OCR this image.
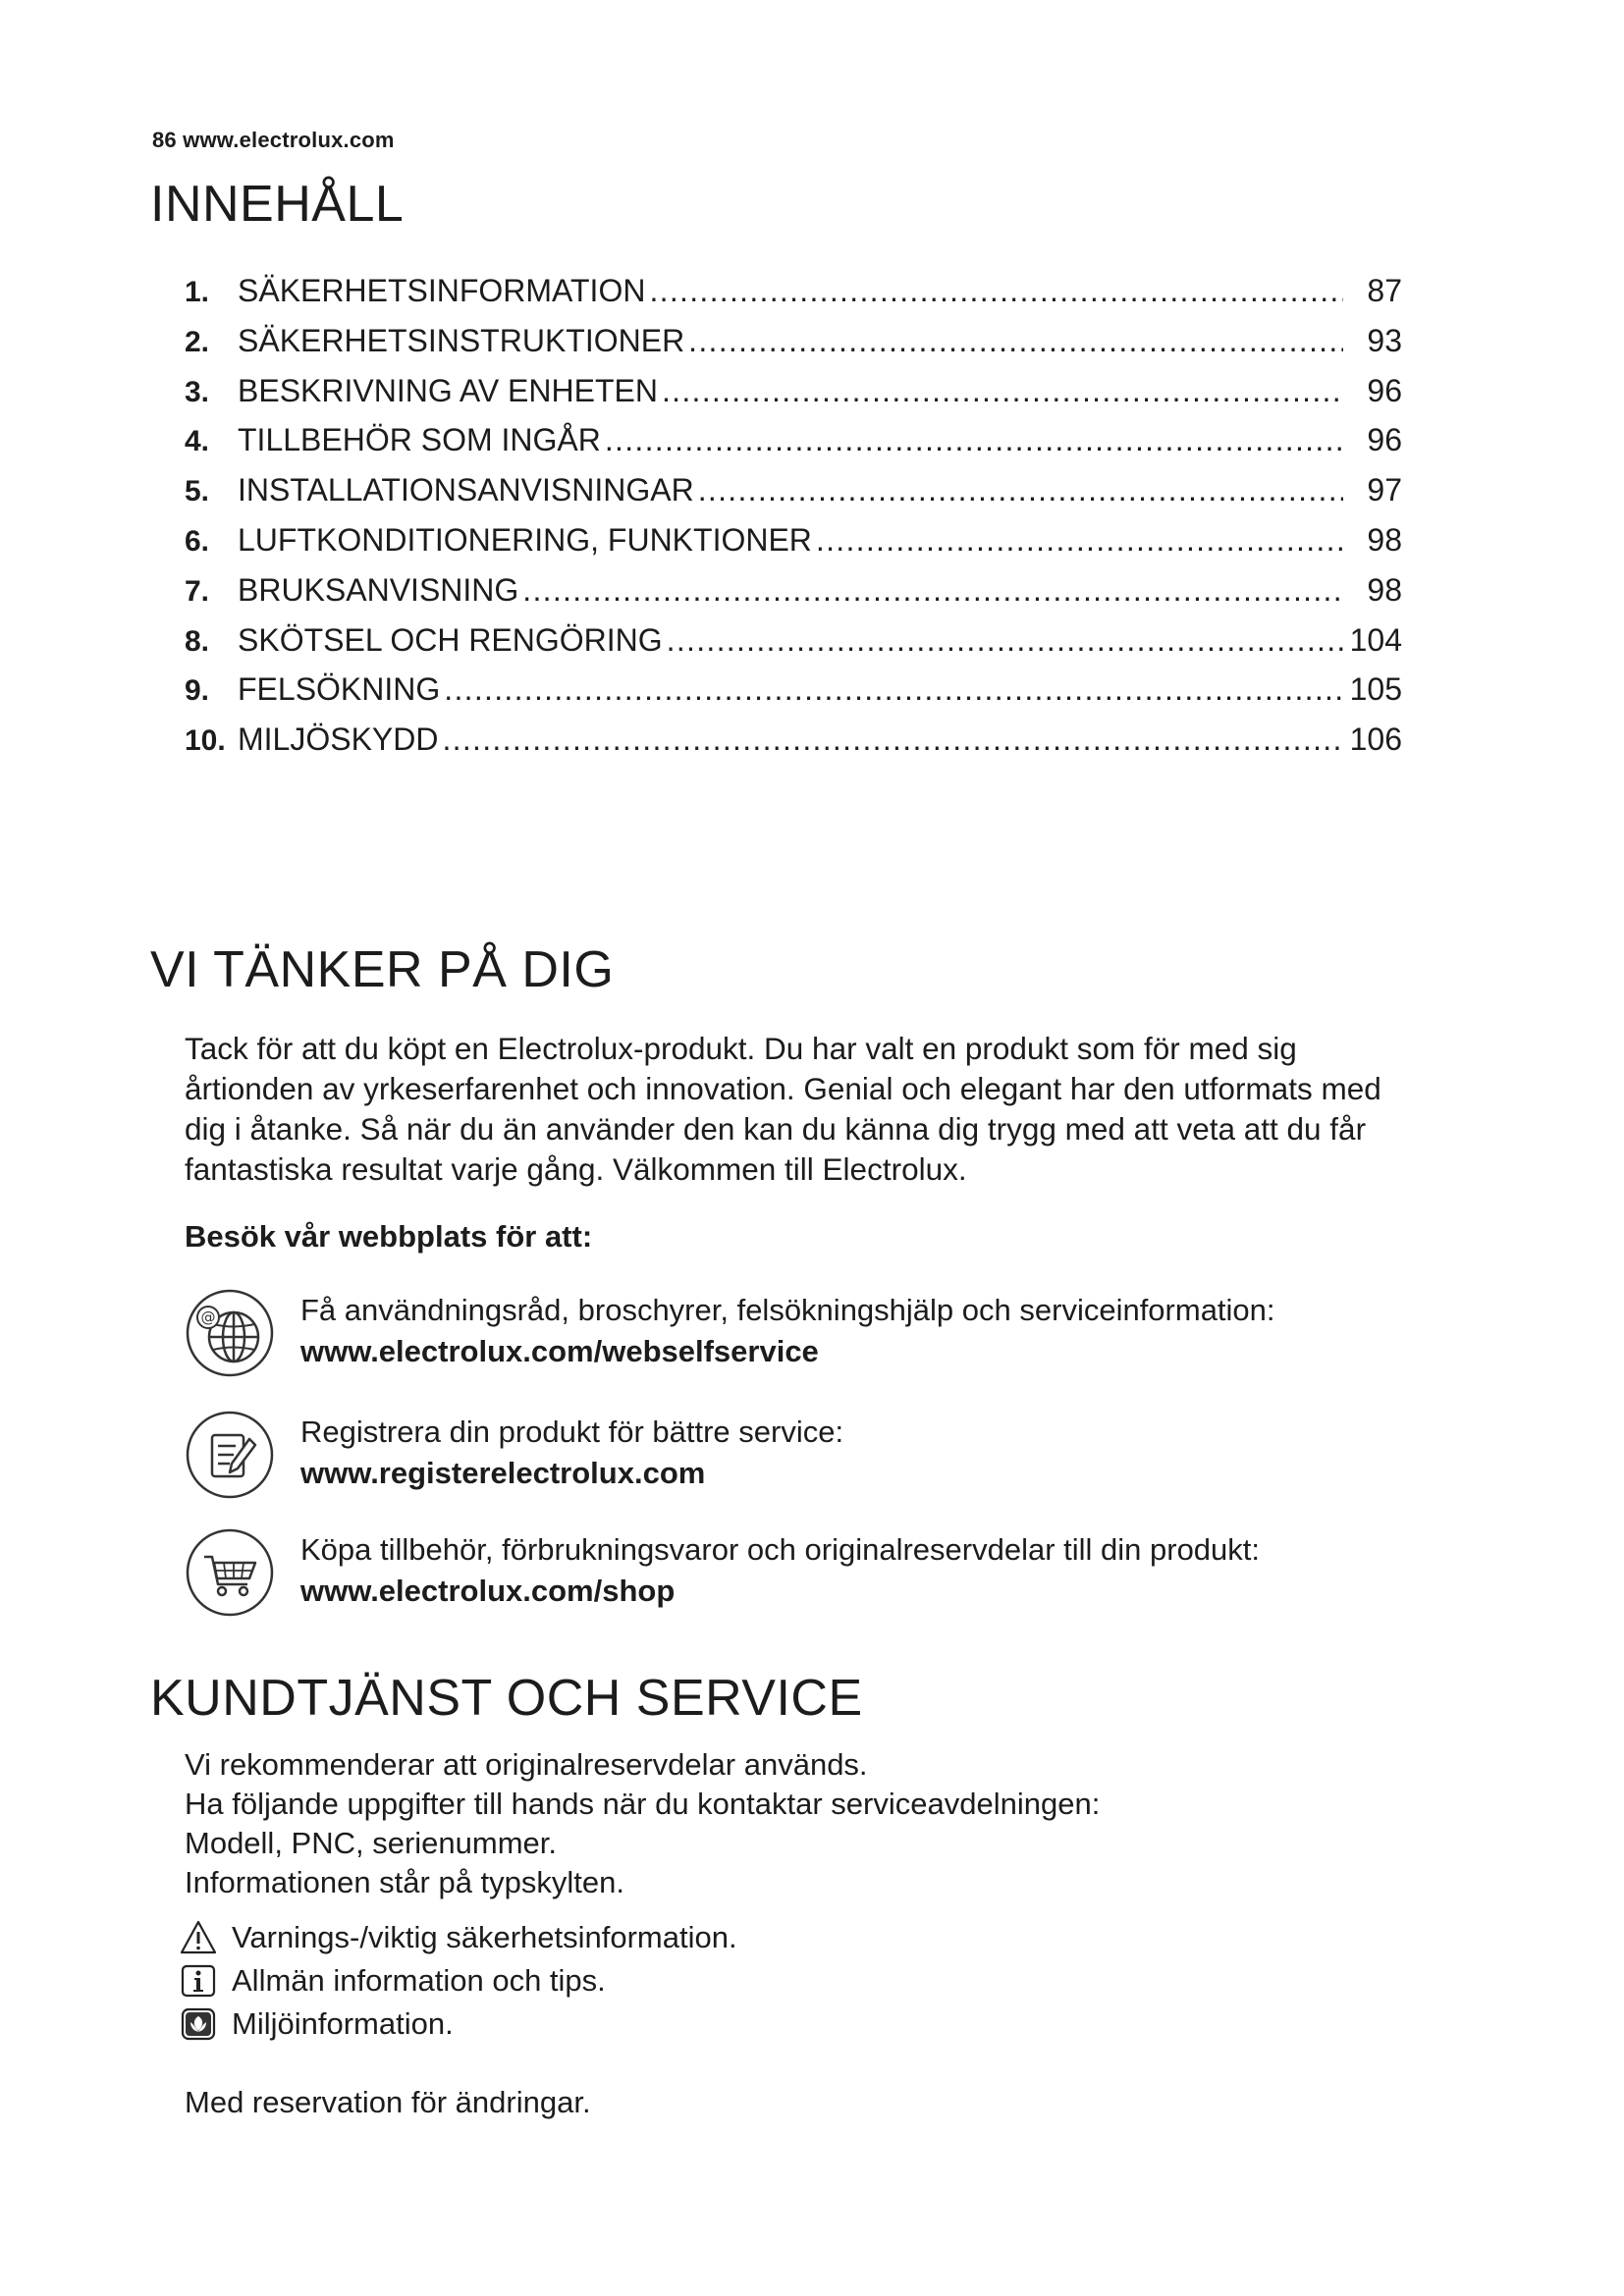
86 www.electrolux.com
INNEHÅLL
1. SÄKERHETSINFORMATION .....	87
2. SÄKERHETSINSTRUKTIONER .....	93
3. BESKRIVNING AV ENHETEN .....	96
4. TILLBEHÖR SOM INGÅR .....	96
5. INSTALLATIONSANVISNINGAR .....	97
6. LUFTKONDITIONERING, FUNKTIONER .....	98
7. BRUKSANVISNING .....	98
8. SKÖTSEL OCH RENGÖRING .....	104
9. FELSÖKNING .....	105
10. MILJÖSKYDD .....	106
VI TÄNKER PÅ DIG

Tack för att du köpt en Electrolux-produkt. Du har valt en produkt som för med sig
årtionden av yrkeserfarenhet och innovation. Genial och elegant har den utformats med
dig i åtanke. Så när du än använder den kan du känna dig trygg med att veta att du får
fantastiska resultat varje gång. Välkommen till Electrolux.

Besök vår webbplats för att:
@	Få användningsråd, broschyrer, felsökningshjälp och serviceinformation:
www.electrolux.com/webselfservice
Registrera din produkt för bättre service:
www.registerelectrolux.com
Köpa tillbehör, förbrukningsvaror och originalreservdelar till din produkt:
www.electrolux.com/shop
KUNDTJÄNST OCH SERVICE
Vi rekommenderar att originalreservdelar används.
Ha följande uppgifter till hands när du kontaktar serviceavdelningen:
Modell, PNC, serienummer.
Informationen står på typskylten.
Varnings-/viktig säkerhetsinformation.
Allmän information och tips.
Miljöinformation.
Med reservation för ändringar.
